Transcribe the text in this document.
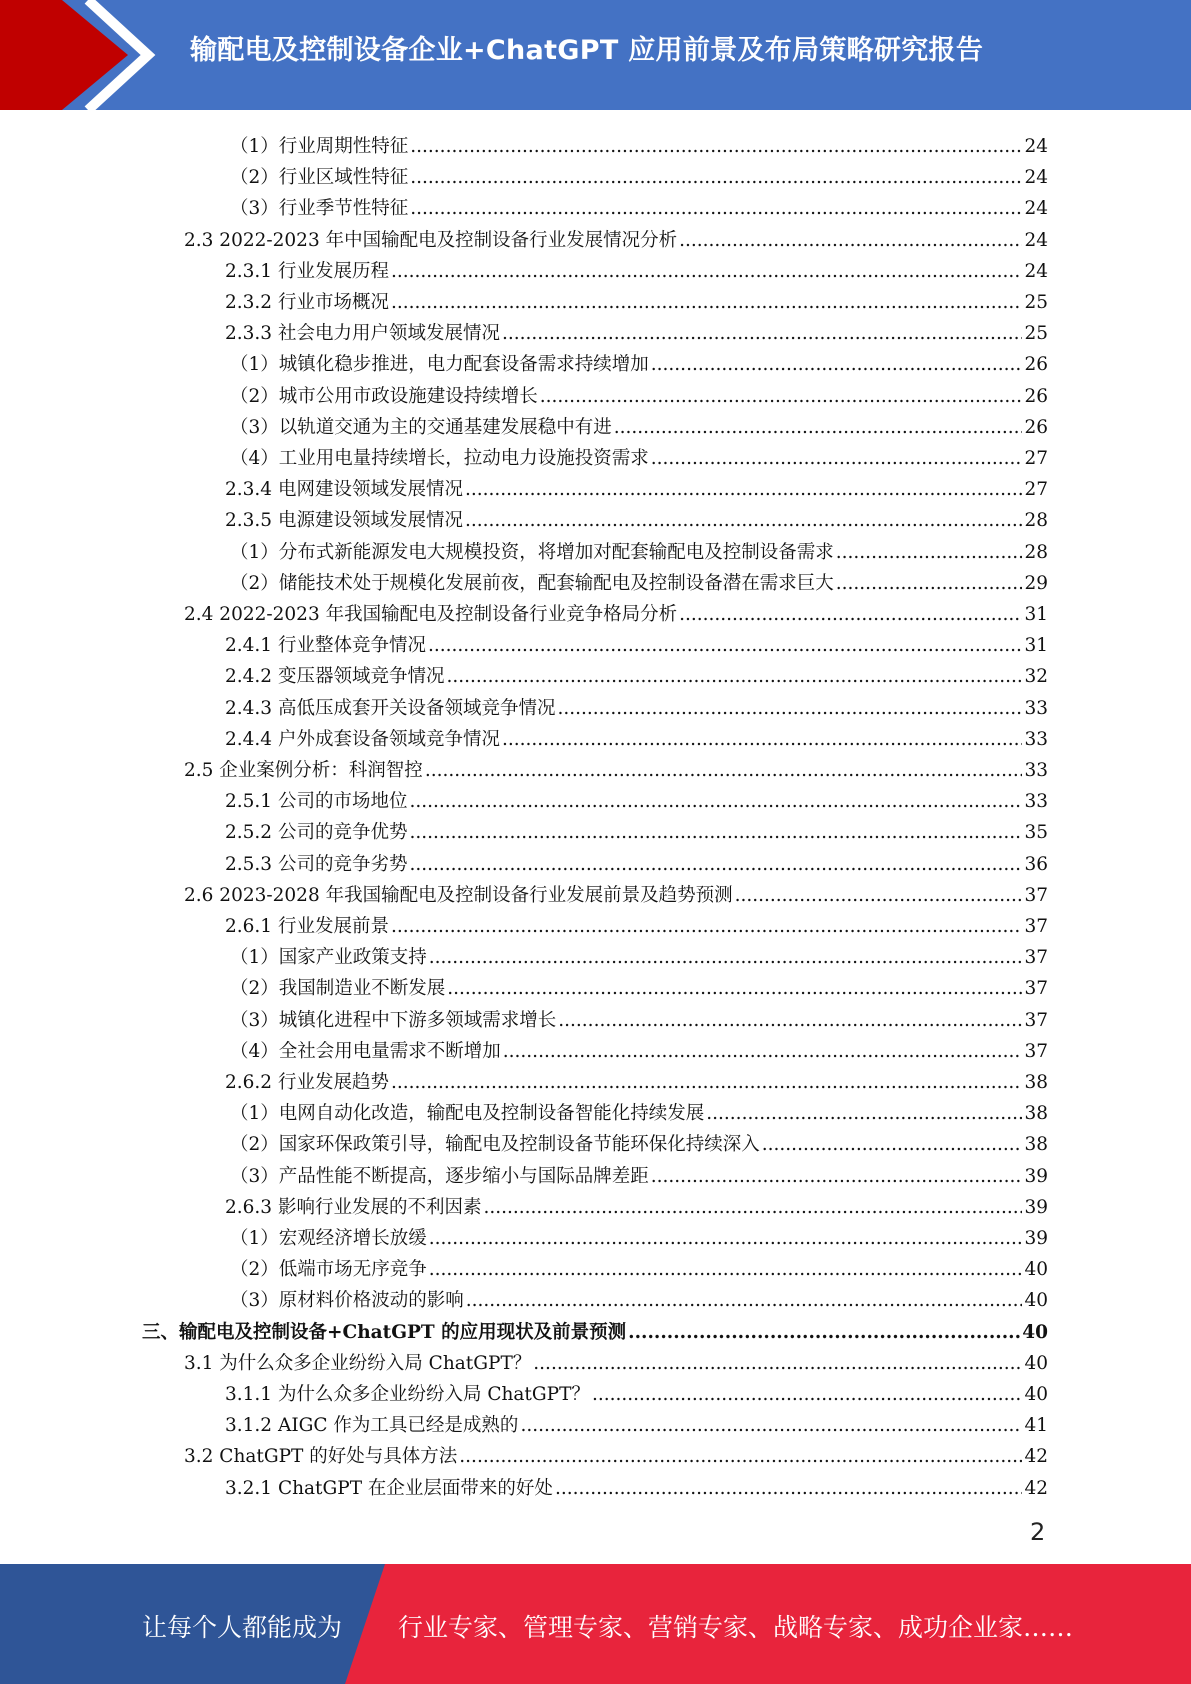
输配电及控制设备企业+ChatGPT 应用前景及布局策略研究报告
（1）行业周期性特征 .....	24
（2）行业区域性特征 .....	24
（3）行业季节性特征 .....	24
2.3 2022-2023 年中国输配电及控制设备行业发展情况分析 .....	24
2.3.1 行业发展历程 .....	24
2.3.2 行业市场概况 .....	25
2.3.3 社会电力用户领域发展情况 .....	25
（1）城镇化稳步推进，电力配套设备需求持续增加 .....	26
（2）城市公用市政设施建设持续增长 .....	26
（3）以轨道交通为主的交通基建发展稳中有进 .....	26
（4）工业用电量持续增长，拉动电力设施投资需求 .....	27
2.3.4 电网建设领域发展情况 .....	27
2.3.5 电源建设领域发展情况 .....	28
（1）分布式新能源发电大规模投资，将增加对配套输配电及控制设备需求 .....	28
（2）储能技术处于规模化发展前夜，配套输配电及控制设备潜在需求巨大 .....	29
2.4 2022-2023 年我国输配电及控制设备行业竞争格局分析 .....	31
2.4.1 行业整体竞争情况 .....	31
2.4.2 变压器领域竞争情况 .....	32
2.4.3 高低压成套开关设备领域竞争情况 .....	33
2.4.4 户外成套设备领域竞争情况 .....	33
2.5 企业案例分析：科润智控 .....	33
2.5.1 公司的市场地位 .....	33
2.5.2 公司的竞争优势 .....	35
2.5.3 公司的竞争劣势 .....	36
2.6 2023-2028 年我国输配电及控制设备行业发展前景及趋势预测 .....	37
2.6.1 行业发展前景 .....	37
（1）国家产业政策支持 .....	37
（2）我国制造业不断发展 .....	37
（3）城镇化进程中下游多领域需求增长 .....	37
（4）全社会用电量需求不断增加 .....	37
2.6.2 行业发展趋势 .....	38
（1）电网自动化改造，输配电及控制设备智能化持续发展 .....	38
（2）国家环保政策引导，输配电及控制设备节能环保化持续深入 .....	38
（3）产品性能不断提高，逐步缩小与国际品牌差距 .....	39
2.6.3 影响行业发展的不利因素 .....	39
（1）宏观经济增长放缓 .....	39
（2）低端市场无序竞争 .....	40
（3）原材料价格波动的影响 .....	40
三、输配电及控制设备+ChatGPT 的应用现状及前景预测 .....	40
3.1 为什么众多企业纷纷入局 ChatGPT？ .....	40
3.1.1 为什么众多企业纷纷入局 ChatGPT？ .....	40
3.1.2 AIGC 作为工具已经是成熟的 .....	41
3.2 ChatGPT 的好处与具体方法 .....	42
3.2.1 ChatGPT 在企业层面带来的好处 .....	42
2
让每个人都能成为 行业专家、管理专家、营销专家、战略专家、成功企业家……
